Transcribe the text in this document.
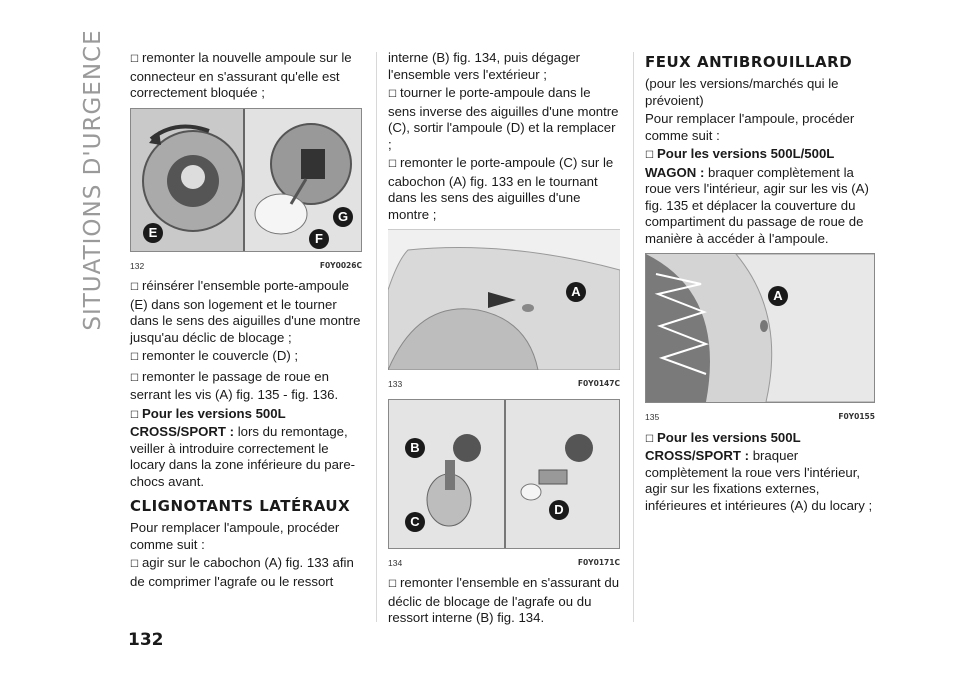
SITUATIONS D'URGENCE
132

☐ remonter la nouvelle ampoule sur le connecteur en s'assurant qu'elle est correctement bloquée ;

E
G
F
132	F0Y0026C

☐ réinsérer l'ensemble porte-ampoule (E) dans son logement et le tourner dans le sens des aiguilles d'une montre jusqu'au déclic de blocage ;

☐ remonter le couvercle (D) ;

☐ remonter le passage de roue en serrant les vis (A) fig. 135 - fig. 136.

☐ Pour les versions 500L CROSS/SPORT : lors du remontage, veiller à introduire correctement le locary dans la zone inférieure du pare-chocs avant.

CLIGNOTANTS LATÉRAUX

Pour remplacer l'ampoule, procéder comme suit :

☐ agir sur le cabochon (A) fig. 133 afin de comprimer l'agrafe ou le ressort

interne (B) fig. 134, puis dégager l'ensemble vers l'extérieur ;

☐ tourner le porte-ampoule dans le sens inverse des aiguilles d'une montre (C), sortir l'ampoule (D) et la remplacer ;

☐ remonter le porte-ampoule (C) sur le cabochon (A) fig. 133 en le tournant dans les sens des aiguilles d'une montre ;

A
133	F0Y0147C
B
C
D
134	F0Y0171C

☐ remonter l'ensemble en s'assurant du déclic de blocage de l'agrafe ou du ressort interne (B) fig. 134.

FEUX ANTIBROUILLARD

(pour les versions/marchés qui le prévoient)

Pour remplacer l'ampoule, procéder comme suit :

☐ Pour les versions 500L/500L WAGON : braquer complètement la roue vers l'intérieur, agir sur les vis (A) fig. 135 et déplacer la couverture du compartiment du passage de roue de manière à accéder à l'ampoule.

A
135	F0Y0155

☐ Pour les versions 500L CROSS/SPORT : braquer complètement la roue vers l'intérieur, agir sur les fixations externes, inférieures et intérieures (A) du locary ;
